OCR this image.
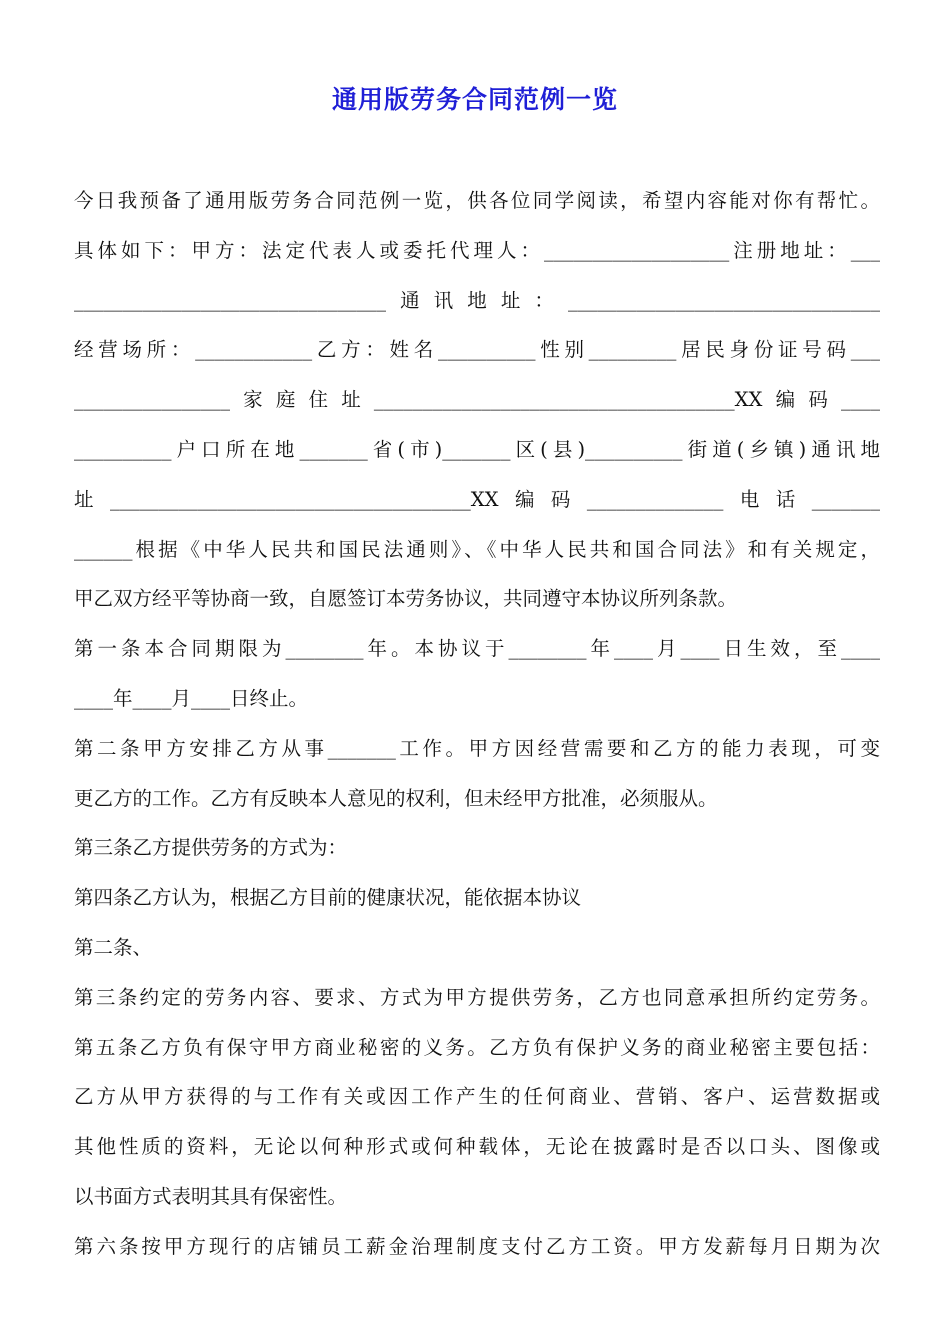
通用版劳务合同范例一览
今日我预备了通用版劳务合同范例一览，供各位同学阅读，希望内容能对你有帮忙。
具体如下：甲方：法定代表人或委托代理人：___________________注册地址：___
________________________________通讯地址：________________________________
经营场所：____________乙方：姓名__________性别_________居民身份证号码___
________________家庭住址_____________________________________XX编码____
__________户口所在地_______省(市)_______区(县)__________街道(乡镇)通讯地
址_____________________________________XX编码______________电话_______
______根据《中华人民共和国民法通则》、《中华人民共和国合同法》和有关规定，
甲乙双方经平等协商一致，自愿签订本劳务协议，共同遵守本协议所列条款。
第一条本合同期限为________年。本协议于________年____月____日生效，至____
____年____月____日终止。
第二条甲方安排乙方从事_______工作。甲方因经营需要和乙方的能力表现，可变
更乙方的工作。乙方有反映本人意见的权利，但未经甲方批准，必须服从。
第三条乙方提供劳务的方式为：
第四条乙方认为，根据乙方目前的健康状况，能依据本协议
第二条、
第三条约定的劳务内容、要求、方式为甲方提供劳务，乙方也同意承担所约定劳务。
第五条乙方负有保守甲方商业秘密的义务。乙方负有保护义务的商业秘密主要包括：
乙方从甲方获得的与工作有关或因工作产生的任何商业、营销、客户、运营数据或
其他性质的资料，无论以何种形式或何种载体，无论在披露时是否以口头、图像或
以书面方式表明其具有保密性。
第六条按甲方现行的店铺员工薪金治理制度支付乙方工资。甲方发薪每月日期为次
